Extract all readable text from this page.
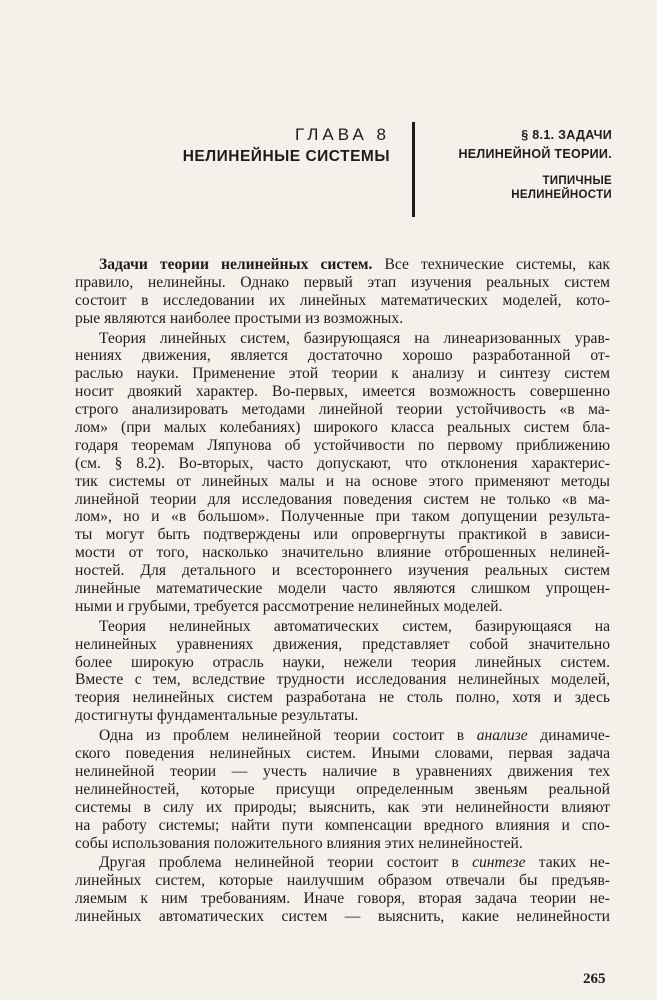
ГЛАВА 8
НЕЛИНЕЙНЫЕ СИСТЕМЫ
§ 8.1. ЗАДАЧИ
НЕЛИНЕЙНОЙ ТЕОРИИ.
ТИПИЧНЫЕ
НЕЛИНЕЙНОСТИ
Задачи теории нелинейных систем. Все технические системы, как
правило, нелинейны. Однако первый этап изучения реальных систем
состоит в исследовании их линейных математических моделей, кото-
рые являются наиболее простыми из возможных.
Теория линейных систем, базирующаяся на линеаризованных урав-
нениях движения, является достаточно хорошо разработанной от-
раслью науки. Применение этой теории к анализу и синтезу систем
носит двоякий характер. Во-первых, имеется возможность совершенно
строго анализировать методами линейной теории устойчивость «в ма-
лом» (при малых колебаниях) широкого класса реальных систем бла-
годаря теоремам Ляпунова об устойчивости по первому приближению
(см. § 8.2). Во-вторых, часто допускают, что отклонения характерис-
тик системы от линейных малы и на основе этого применяют методы
линейной теории для исследования поведения систем не только «в ма-
лом», но и «в большом». Полученные при таком допущении результа-
ты могут быть подтверждены или опровергнуты практикой в зависи-
мости от того, насколько значительно влияние отброшенных нелиней-
ностей. Для детального и всестороннего изучения реальных систем
линейные математические модели часто являются слишком упрощен-
ными и грубыми, требуется рассмотрение нелинейных моделей.
Теория нелинейных автоматических систем, базирующаяся на
нелинейных уравнениях движения, представляет собой значительно
более широкую отрасль науки, нежели теория линейных систем.
Вместе с тем, вследствие трудности исследования нелинейных моделей,
теория нелинейных систем разработана не столь полно, хотя и здесь
достигнуты фундаментальные результаты.
Одна из проблем нелинейной теории состоит в анализе динамиче-
ского поведения нелинейных систем. Иными словами, первая задача
нелинейной теории — учесть наличие в уравнениях движения тех
нелинейностей, которые присущи определенным звеньям реальной
системы в силу их природы; выяснить, как эти нелинейности влияют
на работу системы; найти пути компенсации вредного влияния и спо-
собы использования положительного влияния этих нелинейностей.
Другая проблема нелинейной теории состоит в синтезе таких не-
линейных систем, которые наилучшим образом отвечали бы предъяв-
ляемым к ним требованиям. Иначе говоря, вторая задача теории не-
линейных автоматических систем — выяснить, какие нелинейности
265
